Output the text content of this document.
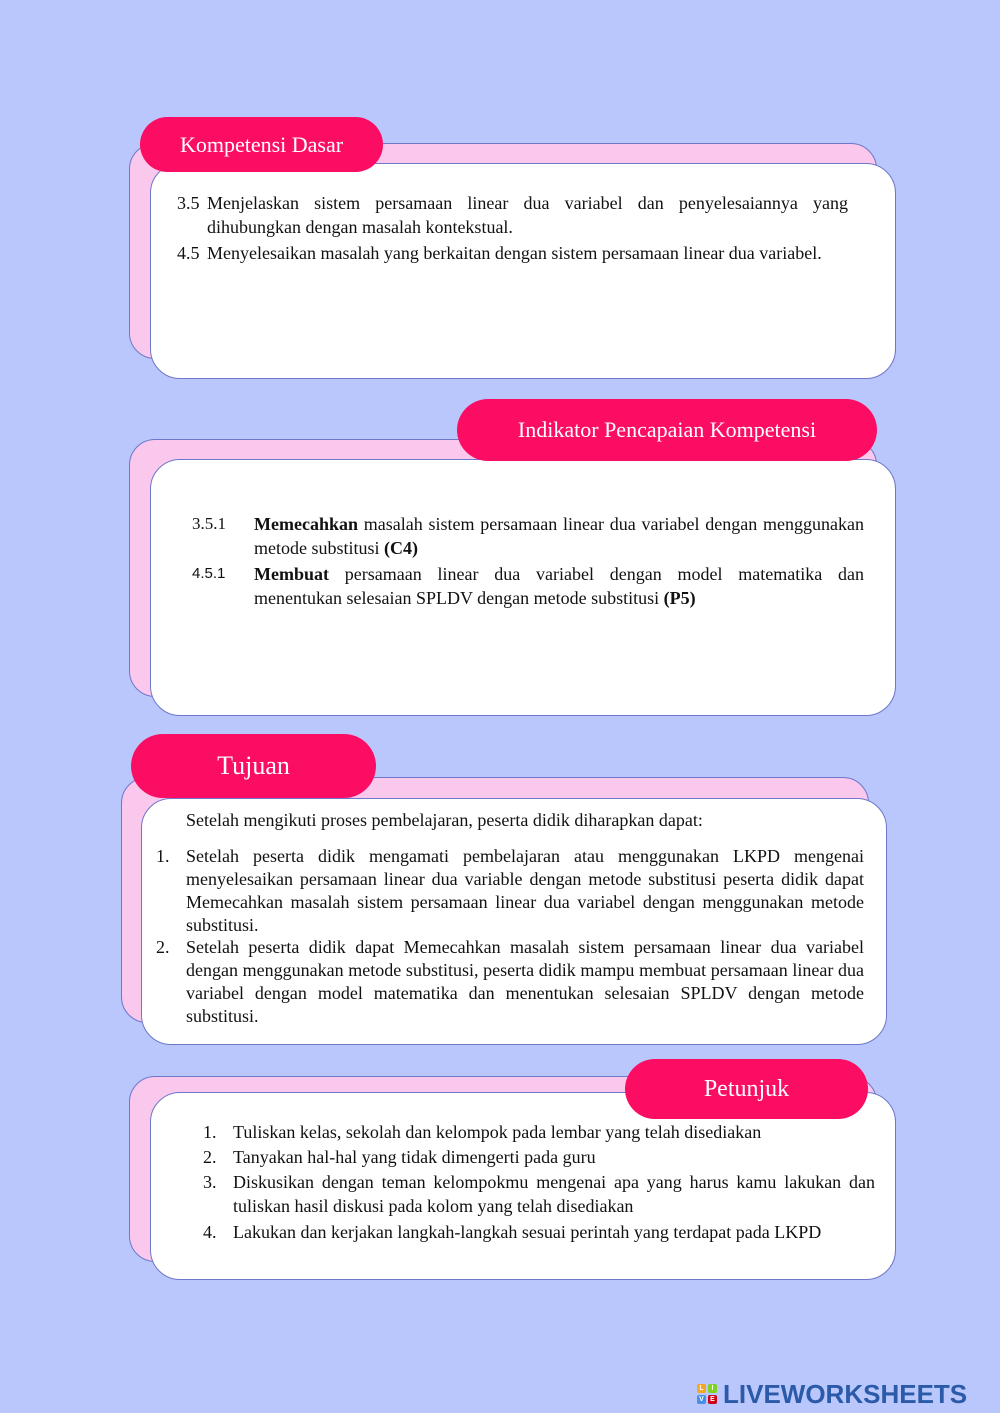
Kompetensi Dasar
3.5 Menjelaskan sistem persamaan linear dua variabel dan penyelesaiannya yang dihubungkan dengan masalah kontekstual.
4.5 Menyelesaikan masalah yang berkaitan dengan sistem persamaan linear dua variabel.
Indikator Pencapaian Kompetensi
3.5.1	Memecahkan masalah sistem persamaan linear dua variabel dengan menggunakan metode substitusi (C4)
4.5.1	Membuat persamaan linear dua variabel dengan model matematika dan menentukan selesaian SPLDV dengan metode substitusi (P5)
Tujuan
Setelah mengikuti proses pembelajaran, peserta didik diharapkan dapat:
1. Setelah peserta didik mengamati pembelajaran atau menggunakan LKPD mengenai menyelesaikan persamaan linear dua variable dengan metode substitusi peserta didik dapat Memecahkan masalah sistem persamaan linear dua variabel dengan menggunakan metode substitusi.
2. Setelah peserta didik dapat Memecahkan masalah sistem persamaan linear dua variabel dengan menggunakan metode substitusi, peserta didik mampu membuat persamaan linear dua variabel dengan model matematika dan menentukan selesaian SPLDV dengan metode substitusi.
Petunjuk
1. Tuliskan kelas, sekolah dan kelompok pada lembar yang telah disediakan
2. Tanyakan hal-hal yang tidak dimengerti pada guru
3. Diskusikan dengan teman kelompokmu mengenai apa yang harus kamu lakukan dan tuliskan hasil diskusi pada kolom yang telah disediakan
4. Lakukan dan kerjakan langkah-langkah sesuai perintah yang terdapat pada LKPD
L	I
V E LIVEWORKSHEETS
